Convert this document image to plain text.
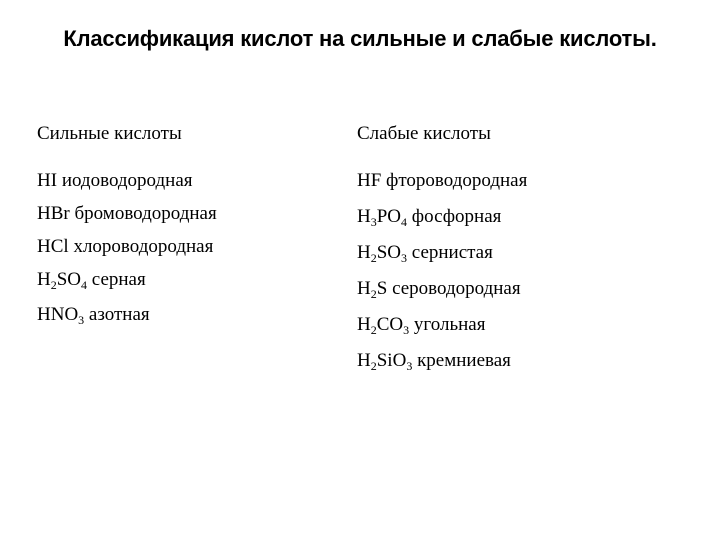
Классификация кислот на сильные и слабые кислоты.
Сильные кислоты
HI иодоводородная
HBr бромоводородная
HCl хлороводородная
$H_2SO_4$ серная
$HNO_3$ азотная
Слабые кислоты
HF фтороводородная
$H_3PO_4$ фосфорная
$H_2SO_3$ сернистая
$H_2S$ сероводородная
$H_2CO_3$ угольная
$H_2SiO_3$ кремниевая
